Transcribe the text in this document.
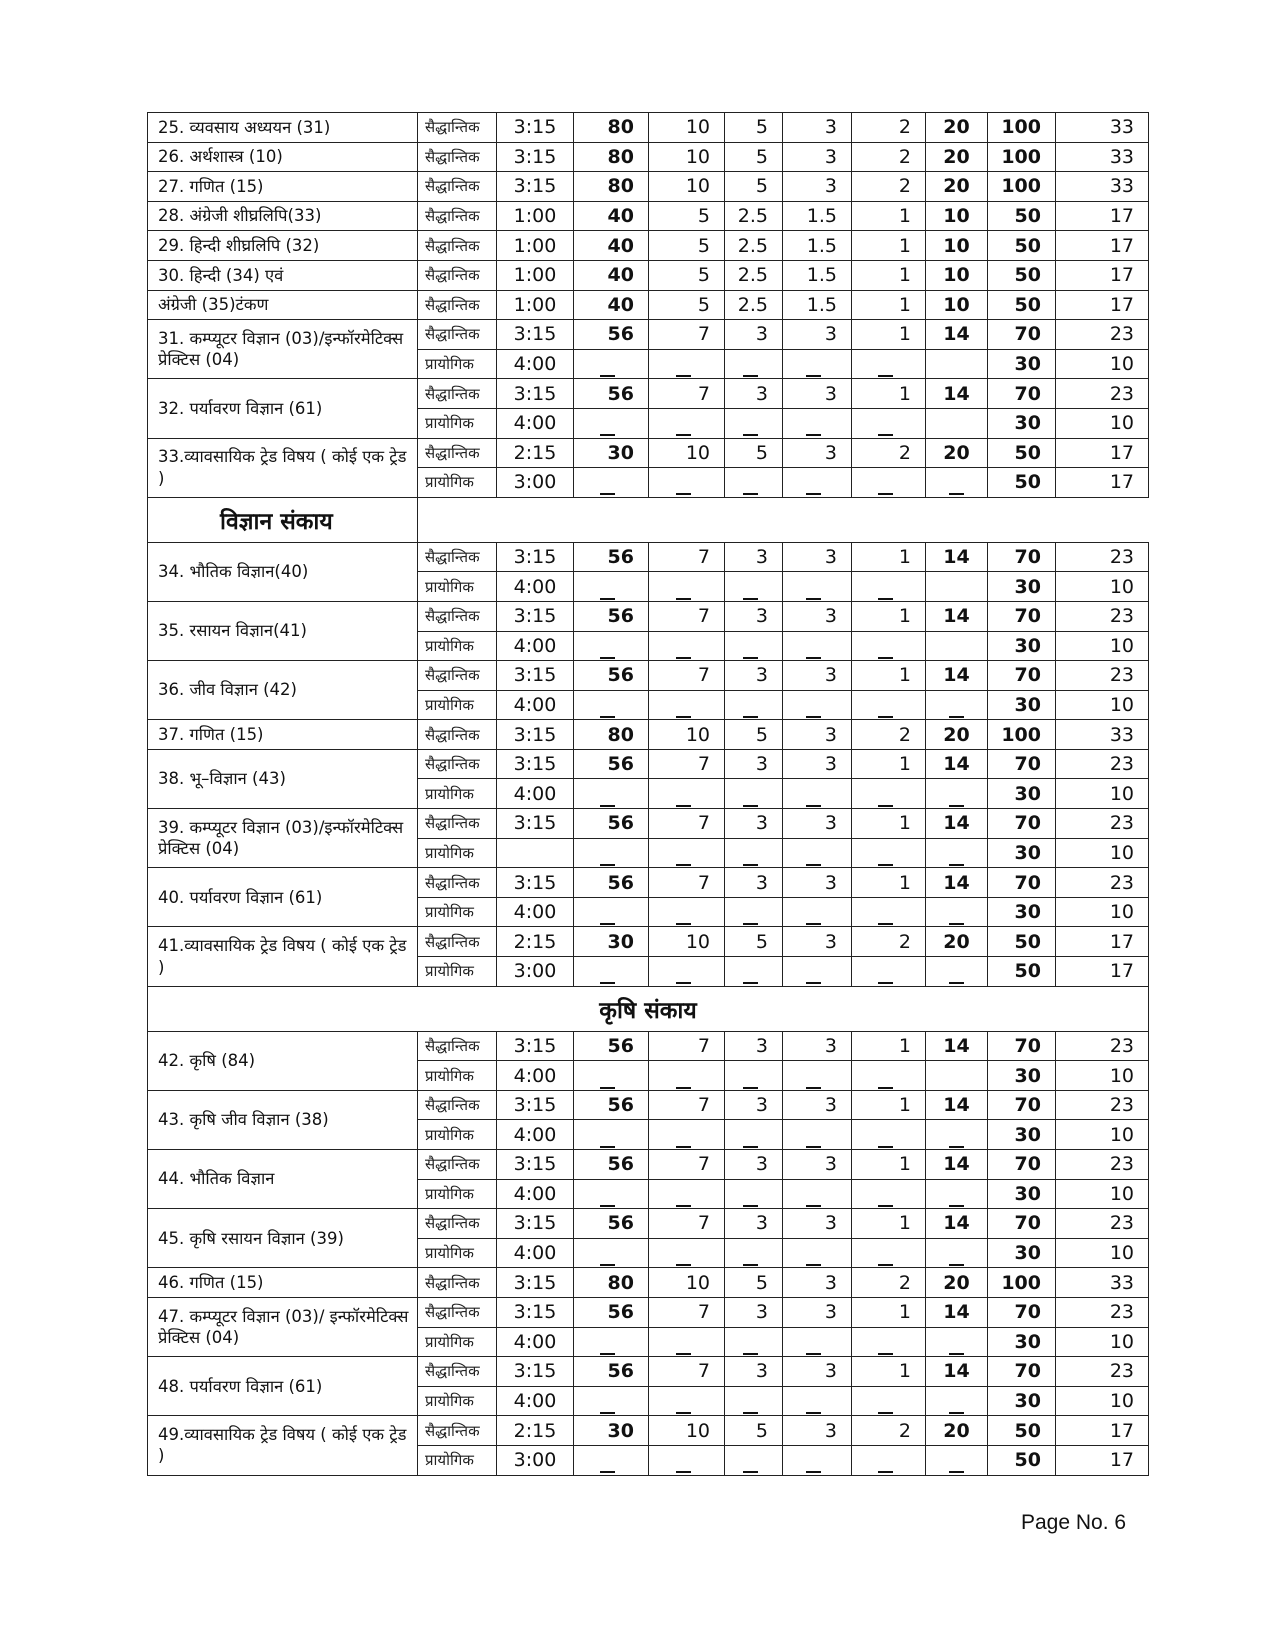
25. व्यवसाय अध्ययन (31)	सैद्धान्तिक	3:15	80	10	5	3	2	20	100	33
26. अर्थशास्त्र (10)	सैद्धान्तिक	3:15	80	10	5	3	2	20	100	33
27. गणित (15)	सैद्धान्तिक	3:15	80	10	5	3	2	20	100	33
28. अंग्रेजी शीघ्रलिपि(33)	सैद्धान्तिक	1:00	40	5	2.5	1.5	1	10	50	17
29. हिन्दी शीघ्रलिपि (32)	सैद्धान्तिक	1:00	40	5	2.5	1.5	1	10	50	17
30. हिन्दी (34) एवं	सैद्धान्तिक	1:00	40	5	2.5	1.5	1	10	50	17
अंग्रेजी (35)टंकण	सैद्धान्तिक	1:00	40	5	2.5	1.5	1	10	50	17
31. कम्प्यूटर विज्ञान (03)/इन्फॉरमेटिक्स प्रेक्टिस (04)	सैद्धान्तिक	3:15	56	7	3	3	1	14	70	23
	प्रायोगिक	4:00							30	10
32. पर्यावरण विज्ञान (61)	सैद्धान्तिक	3:15	56	7	3	3	1	14	70	23
	प्रायोगिक	4:00							30	10
33.व्यावसायिक ट्रेड विषय ( कोई एक ट्रेड )	सैद्धान्तिक	2:15	30	10	5	3	2	20	50	17
	प्रायोगिक	3:00							50	17
विज्ञान संकाय										
34. भौतिक विज्ञान(40)	सैद्धान्तिक	3:15	56	7	3	3	1	14	70	23
	प्रायोगिक	4:00							30	10
35. रसायन विज्ञान(41)	सैद्धान्तिक	3:15	56	7	3	3	1	14	70	23
	प्रायोगिक	4:00							30	10
36. जीव विज्ञान (42)	सैद्धान्तिक	3:15	56	7	3	3	1	14	70	23
	प्रायोगिक	4:00							30	10
37. गणित (15)	सैद्धान्तिक	3:15	80	10	5	3	2	20	100	33
38. भू–विज्ञान (43)	सैद्धान्तिक	3:15	56	7	3	3	1	14	70	23
	प्रायोगिक	4:00							30	10
39. कम्प्यूटर विज्ञान (03)/इन्फॉरमेटिक्स प्रेक्टिस (04)	सैद्धान्तिक	3:15	56	7	3	3	1	14	70	23
	प्रायोगिक								30	10
40. पर्यावरण विज्ञान (61)	सैद्धान्तिक	3:15	56	7	3	3	1	14	70	23
	प्रायोगिक	4:00							30	10
41.व्यावसायिक ट्रेड विषय ( कोई एक ट्रेड )	सैद्धान्तिक	2:15	30	10	5	3	2	20	50	17
	प्रायोगिक	3:00							50	17
कृषि संकाय										
42. कृषि (84)	सैद्धान्तिक	3:15	56	7	3	3	1	14	70	23
	प्रायोगिक	4:00							30	10
43. कृषि जीव विज्ञान (38)	सैद्धान्तिक	3:15	56	7	3	3	1	14	70	23
	प्रायोगिक	4:00							30	10
44. भौतिक विज्ञान	सैद्धान्तिक	3:15	56	7	3	3	1	14	70	23
	प्रायोगिक	4:00							30	10
45. कृषि रसायन विज्ञान (39)	सैद्धान्तिक	3:15	56	7	3	3	1	14	70	23
	प्रायोगिक	4:00							30	10
46. गणित (15)	सैद्धान्तिक	3:15	80	10	5	3	2	20	100	33
47. कम्प्यूटर विज्ञान (03)/ इन्फॉरमेटिक्स प्रेक्टिस (04)	सैद्धान्तिक	3:15	56	7	3	3	1	14	70	23
	प्रायोगिक	4:00							30	10
48. पर्यावरण विज्ञान (61)	सैद्धान्तिक	3:15	56	7	3	3	1	14	70	23
	प्रायोगिक	4:00							30	10
49.व्यावसायिक ट्रेड विषय ( कोई एक ट्रेड )	सैद्धान्तिक	2:15	30	10	5	3	2	20	50	17
	प्रायोगिक	3:00							50	17
Page No. 6
